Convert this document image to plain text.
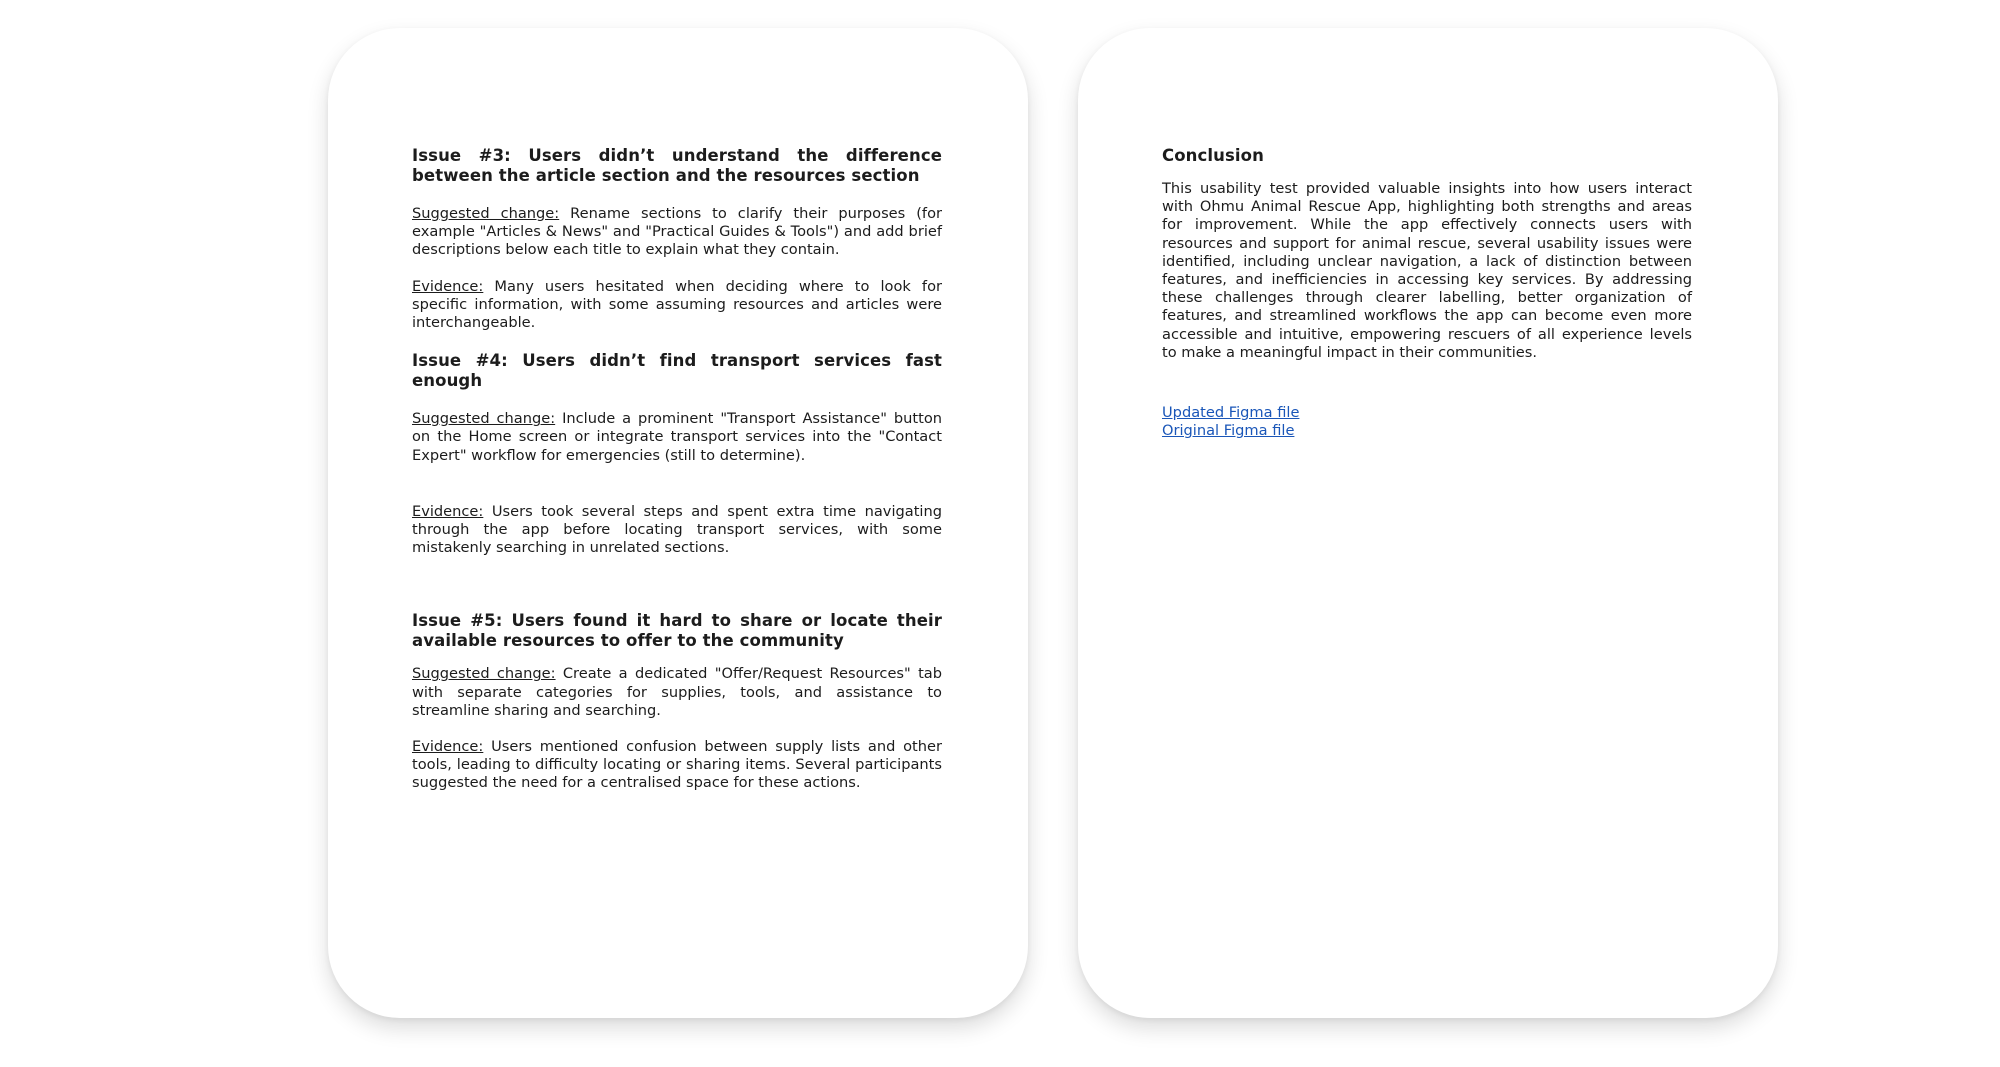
Issue #3: Users didn’t understand the difference between the article section and the resources section

Suggested change: Rename sections to clarify their purposes (for example "Articles & News" and "Practical Guides & Tools") and add brief descriptions below each title to explain what they contain.

Evidence: Many users hesitated when deciding where to look for specific information, with some assuming resources and articles were interchangeable.

Issue #4: Users didn’t find transport services fast enough

Suggested change: Include a prominent "Transport Assistance" button on the Home screen or integrate transport services into the "Contact Expert" workflow for emergencies (still to determine).

Evidence: Users took several steps and spent extra time navigating through the app before locating transport services, with some mistakenly searching in unrelated sections.

Issue #5: Users found it hard to share or locate their available resources to offer to the community

Suggested change: Create a dedicated "Offer/Request Resources" tab with separate categories for supplies, tools, and assistance to streamline sharing and searching.

Evidence: Users mentioned confusion between supply lists and other tools, leading to difficulty locating or sharing items. Several participants suggested the need for a centralised space for these actions.

Conclusion

This usability test provided valuable insights into how users interact with Ohmu Animal Rescue App, highlighting both strengths and areas for improvement. While the app effectively connects users with resources and support for animal rescue, several usability issues were identified, including unclear navigation, a lack of distinction between features, and inefficiencies in accessing key services. By addressing these challenges through clearer labelling, better organization of features, and streamlined workflows the app can become even more accessible and intuitive, empowering rescuers of all experience levels to make a meaningful impact in their communities.

Updated Figma file
Original Figma file
